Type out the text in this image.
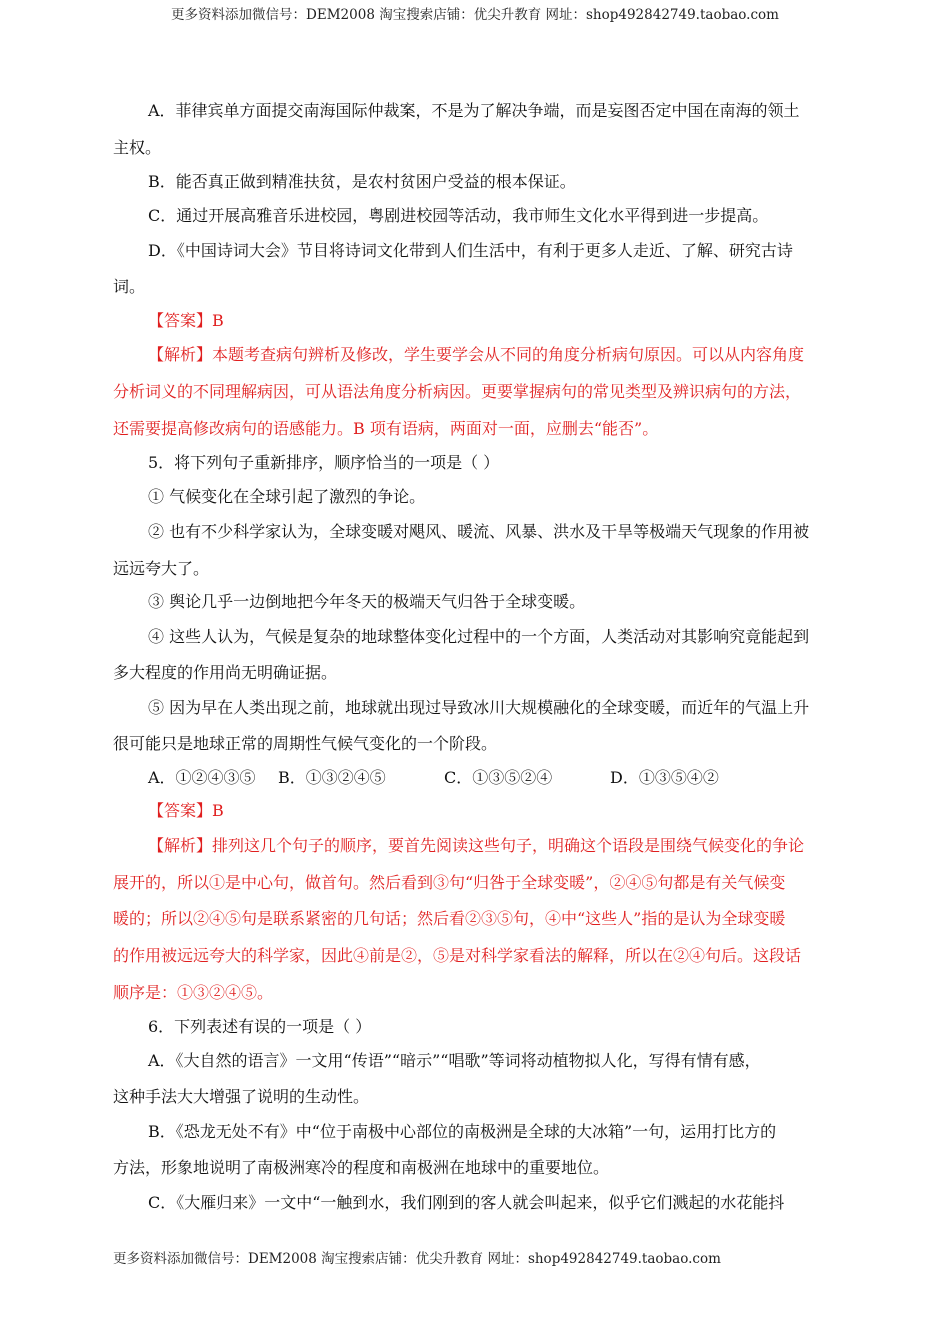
更多资料添加微信号：DEM2008 淘宝搜索店铺：优尖升教育 网址：shop492842749.taobao.com
A．菲律宾单方面提交南海国际仲裁案，不是为了解决争端，而是妄图否定中国在南海的领土
主权。
B．能否真正做到精准扶贫，是农村贫困户受益的根本保证。
C．通过开展高雅音乐进校园，粤剧进校园等活动，我市师生文化水平得到进一步提高。
D．《中国诗词大会》节目将诗词文化带到人们生活中，有利于更多人走近、了解、研究古诗
词。
【答案】B
【解析】本题考查病句辨析及修改，学生要学会从不同的角度分析病句原因。可以从内容角度
分析词义的不同理解病因，可从语法角度分析病因。更要掌握病句的常见类型及辨识病句的方法，
还需要提高修改病句的语感能力。B 项有语病，两面对一面，应删去“能否”。
5．将下列句子重新排序，顺序恰当的一项是（ ）
① 气候变化在全球引起了激烈的争论。
② 也有不少科学家认为，全球变暖对飓风、暖流、风暴、洪水及干旱等极端天气现象的作用被
远远夸大了。
③ 舆论几乎一边倒地把今年冬天的极端天气归咎于全球变暖。
④ 这些人认为，气候是复杂的地球整体变化过程中的一个方面，人类活动对其影响究竟能起到
多大程度的作用尚无明确证据。
⑤ 因为早在人类出现之前，地球就出现过导致冰川大规模融化的全球变暖，而近年的气温上升
很可能只是地球正常的周期性气候气变化的一个阶段。
A．①②④③⑤ B．①③②④⑤	C．①③⑤②④	D．①③⑤④②
【答案】B
【解析】排列这几个句子的顺序，要首先阅读这些句子，明确这个语段是围绕气候变化的争论
展开的，所以①是中心句，做首句。然后看到③句“归咎于全球变暖”，②④⑤句都是有关气候变
暖的；所以②④⑤句是联系紧密的几句话；然后看②③⑤句，④中“这些人”指的是认为全球变暖
的作用被远远夸大的科学家，因此④前是②，⑤是对科学家看法的解释，所以在②④句后。这段话
顺序是：①③②④⑤。
6．下列表述有误的一项是（ ）
A．《大自然的语言》一文用“传语”“暗示”“唱歌”等词将动植物拟人化，写得有情有感，
这种手法大大增强了说明的生动性。
B．《恐龙无处不有》中“位于南极中心部位的南极洲是全球的大冰箱”一句，运用打比方的
方法，形象地说明了南极洲寒冷的程度和南极洲在地球中的重要地位。
C．《大雁归来》一文中“一触到水，我们刚到的客人就会叫起来，似乎它们溅起的水花能抖
更多资料添加微信号：DEM2008 淘宝搜索店铺：优尖升教育 网址：shop492842749.taobao.com
